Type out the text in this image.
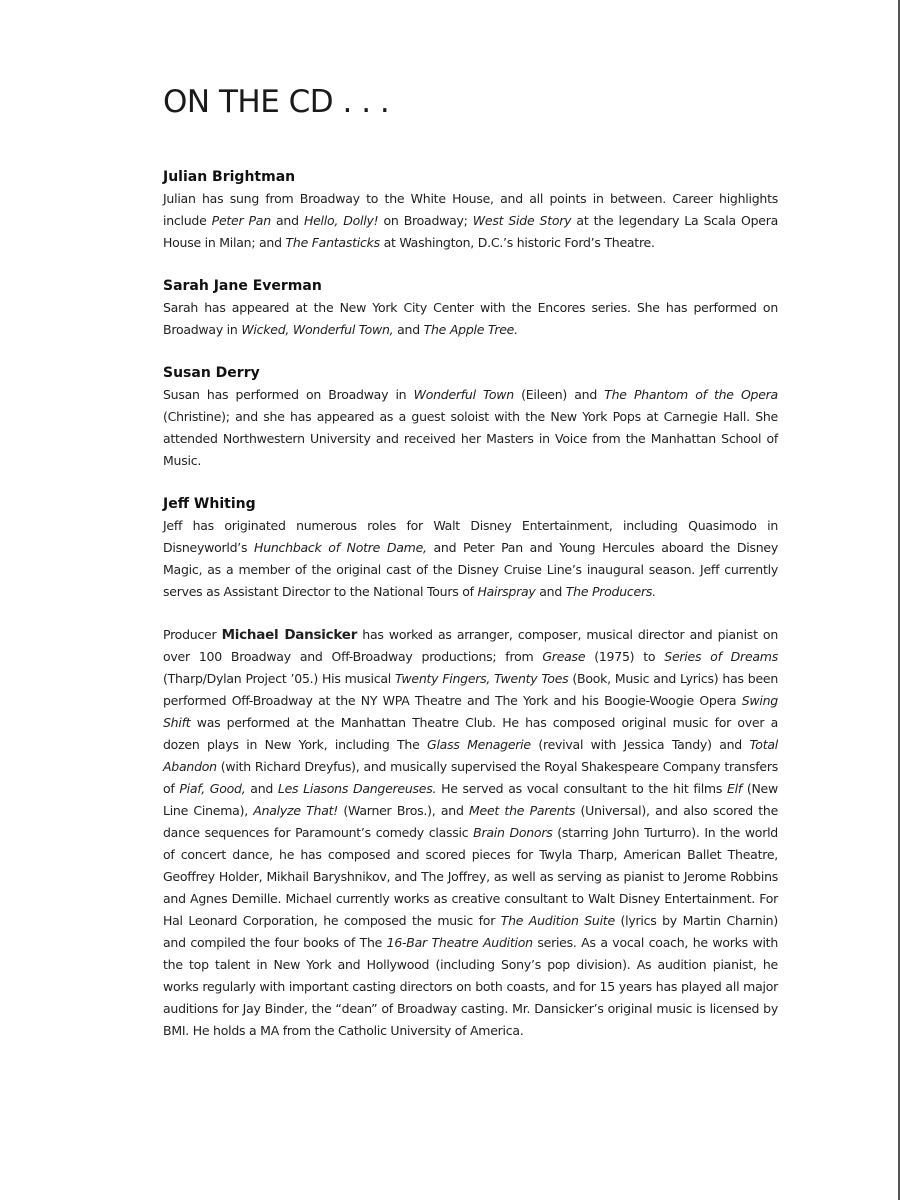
ON THE CD . . .

Julian Brightman

Julian has sung from Broadway to the White House, and all points in between. Career highlights include Peter Pan and Hello, Dolly! on Broadway; West Side Story at the legendary La Scala Opera House in Milan; and The Fantasticks at Washington, D.C.’s historic Ford’s Theatre.

Sarah Jane Everman

Sarah has appeared at the New York City Center with the Encores series. She has performed on Broadway in Wicked, Wonderful Town, and The Apple Tree.

Susan Derry

Susan has performed on Broadway in Wonderful Town (Eileen) and The Phantom of the Opera (Christine); and she has appeared as a guest soloist with the New York Pops at Carnegie Hall. She attended Northwestern University and received her Masters in Voice from the Manhattan School of Music.

Jeff Whiting

Jeff has originated numerous roles for Walt Disney Entertainment, including Quasimodo in Disneyworld’s Hunchback of Notre Dame, and Peter Pan and Young Hercules aboard the Disney Magic, as a member of the original cast of the Disney Cruise Line’s inaugural season. Jeff currently serves as Assistant Director to the National Tours of Hairspray and The Producers.

Producer Michael Dansicker has worked as arranger, composer, musical director and pianist on over 100 Broadway and Off-Broadway productions; from Grease (1975) to Series of Dreams (Tharp/Dylan Project ’05.) His musical Twenty Fingers, Twenty Toes (Book, Music and Lyrics) has been performed Off-Broadway at the NY WPA Theatre and The York and his Boogie-Woogie Opera Swing Shift was performed at the Manhattan Theatre Club. He has composed original music for over a dozen plays in New York, including The Glass Menagerie (revival with Jessica Tandy) and Total Abandon (with Richard Dreyfus), and musically supervised the Royal Shakespeare Company transfers of Piaf, Good, and Les Liasons Dangereuses. He served as vocal consultant to the hit films Elf (New Line Cinema), Analyze That! (Warner Bros.), and Meet the Parents (Universal), and also scored the dance sequences for Paramount’s comedy classic Brain Donors (starring John Turturro). In the world of concert dance, he has composed and scored pieces for Twyla Tharp, American Ballet Theatre, Geoffrey Holder, Mikhail Baryshnikov, and The Joffrey, as well as serving as pianist to Jerome Robbins and Agnes Demille. Michael currently works as creative consultant to Walt Disney Entertainment. For Hal Leonard Corporation, he composed the music for The Audition Suite (lyrics by Martin Charnin) and compiled the four books of The 16-Bar Theatre Audition series. As a vocal coach, he works with the top talent in New York and Hollywood (including Sony’s pop division). As audition pianist, he works regularly with important casting directors on both coasts, and for 15 years has played all major auditions for Jay Binder, the “dean” of Broadway casting. Mr. Dansicker’s original music is licensed by BMI. He holds a MA from the Catholic University of America.
